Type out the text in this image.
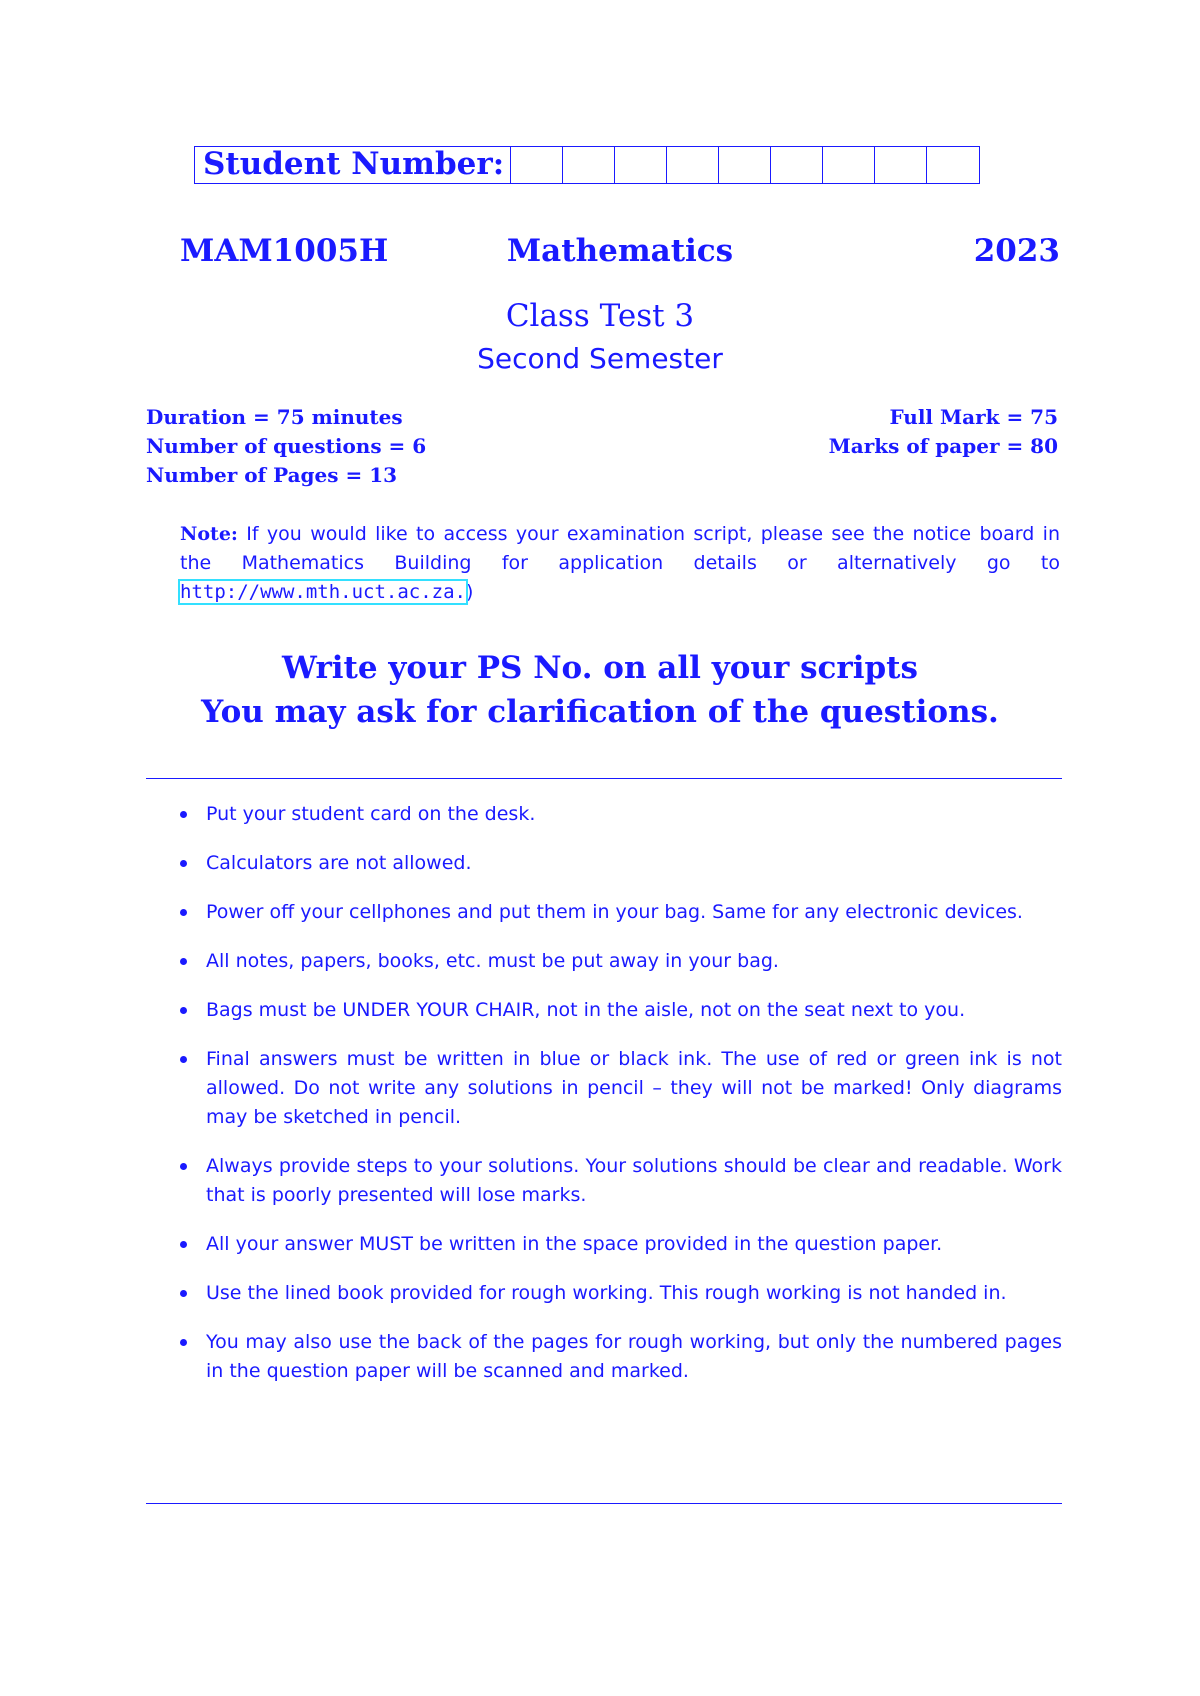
Student Number:
Mathematics
MAM1005H	2023
Class Test 3
Second Semester
Duration = 75 minutes
Number of questions = 6
Number of Pages = 13
Full Mark = 75
Marks of paper = 80
Note: If you would like to access your examination script, please see the notice board in the Mathematics Building for application details or alternatively go to http://www.mth.uct.ac.za.)
Write your PS No. on all your scripts
You may ask for clarification of the questions.
Put your student card on the desk.
Calculators are not allowed.
Power off your cellphones and put them in your bag. Same for any electronic devices.
All notes, papers, books, etc. must be put away in your bag.
Bags must be UNDER YOUR CHAIR, not in the aisle, not on the seat next to you.
Final answers must be written in blue or black ink. The use of red or green ink is not allowed. Do not write any solutions in pencil – they will not be marked! Only diagrams may be sketched in pencil.
Always provide steps to your solutions. Your solutions should be clear and readable. Work that is poorly presented will lose marks.
All your answer MUST be written in the space provided in the question paper.
Use the lined book provided for rough working. This rough working is not handed in.
You may also use the back of the pages for rough working, but only the numbered pages in the question paper will be scanned and marked.
